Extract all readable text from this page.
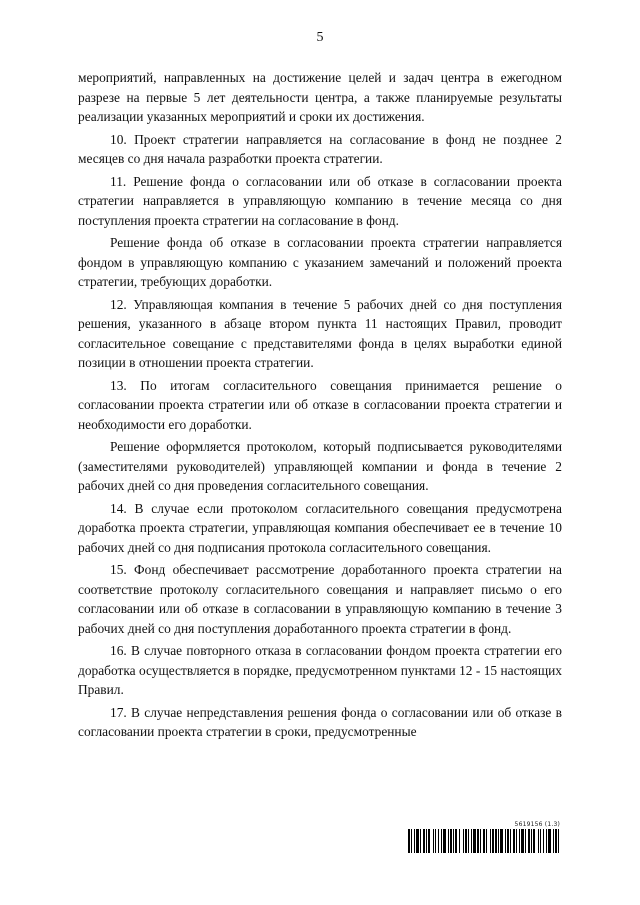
5

мероприятий, направленных на достижение целей и задач центра в ежегодном разрезе на первые 5 лет деятельности центра, а также планируемые результаты реализации указанных мероприятий и сроки их достижения.

10. Проект стратегии направляется на согласование в фонд не позднее 2 месяцев со дня начала разработки проекта стратегии.

11. Решение фонда о согласовании или об отказе в согласовании проекта стратегии направляется в управляющую компанию в течение месяца со дня поступления проекта стратегии на согласование в фонд.

Решение фонда об отказе в согласовании проекта стратегии направляется фондом в управляющую компанию с указанием замечаний и положений проекта стратегии, требующих доработки.

12. Управляющая компания в течение 5 рабочих дней со дня поступления решения, указанного в абзаце втором пункта 11 настоящих Правил, проводит согласительное совещание с представителями фонда в целях выработки единой позиции в отношении проекта стратегии.

13. По итогам согласительного совещания принимается решение о согласовании проекта стратегии или об отказе в согласовании проекта стратегии и необходимости его доработки.

Решение оформляется протоколом, который подписывается руководителями (заместителями руководителей) управляющей компании и фонда в течение 2 рабочих дней со дня проведения согласительного совещания.

14. В случае если протоколом согласительного совещания предусмотрена доработка проекта стратегии, управляющая компания обеспечивает ее в течение 10 рабочих дней со дня подписания протокола согласительного совещания.

15. Фонд обеспечивает рассмотрение доработанного проекта стратегии на соответствие протоколу согласительного совещания и направляет письмо о его согласовании или об отказе в согласовании в управляющую компанию в течение 3 рабочих дней со дня поступления доработанного проекта стратегии в фонд.

16. В случае повторного отказа в согласовании фондом проекта стратегии его доработка осуществляется в порядке, предусмотренном пунктами 12 - 15 настоящих Правил.

17. В случае непредставления решения фонда о согласовании или об отказе в согласовании проекта стратегии в сроки, предусмотренные

5619156 (1.3)
